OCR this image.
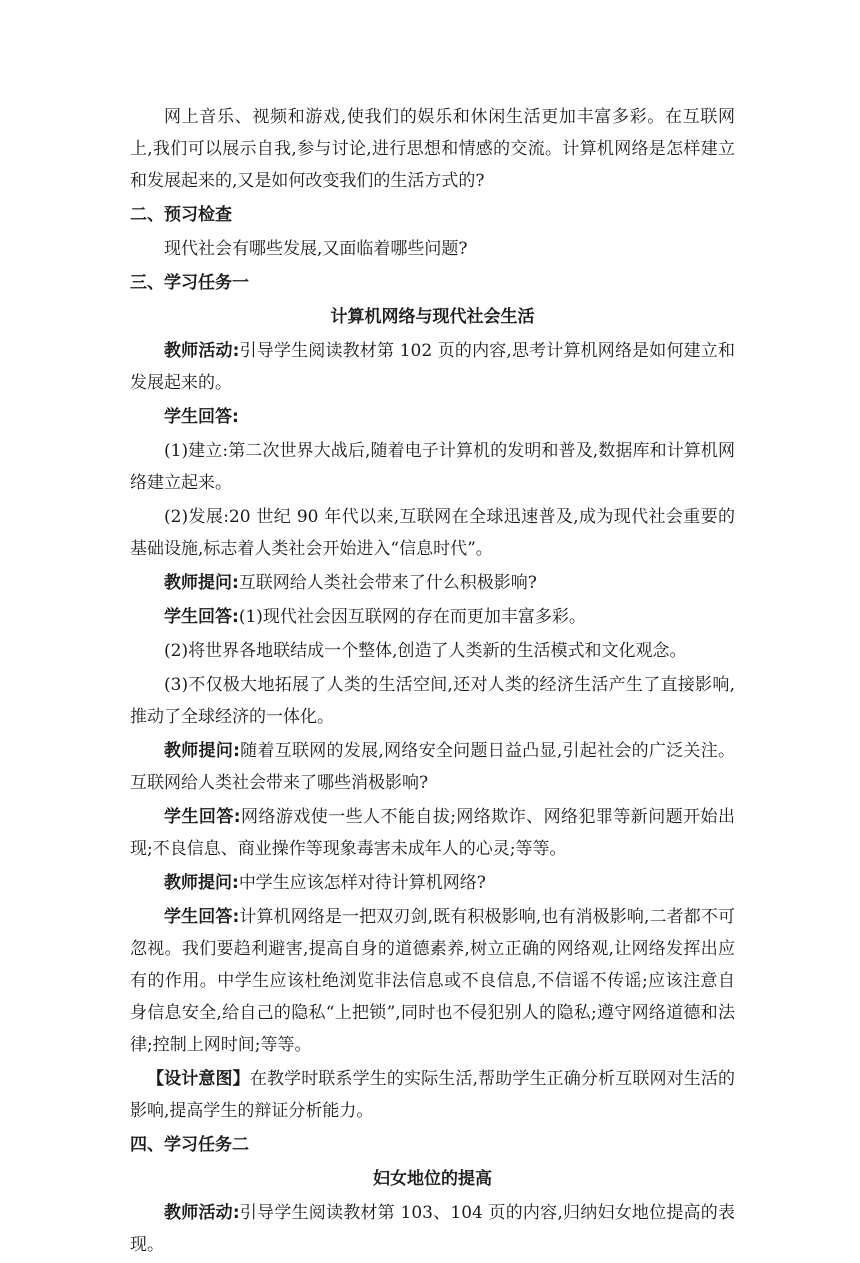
网上音乐、视频和游戏,使我们的娱乐和休闲生活更加丰富多彩。在互联网上,我们可以展示自我,参与讨论,进行思想和情感的交流。计算机网络是怎样建立和发展起来的,又是如何改变我们的生活方式的?

二、预习检查

现代社会有哪些发展,又面临着哪些问题?

三、学习任务一

计算机网络与现代社会生活

教师活动:引导学生阅读教材第 102 页的内容,思考计算机网络是如何建立和发展起来的。

学生回答:

(1)建立:第二次世界大战后,随着电子计算机的发明和普及,数据库和计算机网络建立起来。

(2)发展:20 世纪 90 年代以来,互联网在全球迅速普及,成为现代社会重要的基础设施,标志着人类社会开始进入“信息时代”。

教师提问:互联网给人类社会带来了什么积极影响?

学生回答:(1)现代社会因互联网的存在而更加丰富多彩。

(2)将世界各地联结成一个整体,创造了人类新的生活模式和文化观念。

(3)不仅极大地拓展了人类的生活空间,还对人类的经济生活产生了直接影响,推动了全球经济的一体化。

教师提问:随着互联网的发展,网络安全问题日益凸显,引起社会的广泛关注。互联网给人类社会带来了哪些消极影响?

学生回答:网络游戏使一些人不能自拔;网络欺诈、网络犯罪等新问题开始出现;不良信息、商业操作等现象毒害未成年人的心灵;等等。

教师提问:中学生应该怎样对待计算机网络?

学生回答:计算机网络是一把双刃剑,既有积极影响,也有消极影响,二者都不可忽视。我们要趋利避害,提高自身的道德素养,树立正确的网络观,让网络发挥出应有的作用。中学生应该杜绝浏览非法信息或不良信息,不信谣不传谣;应该注意自身信息安全,给自己的隐私“上把锁”,同时也不侵犯别人的隐私;遵守网络道德和法律;控制上网时间;等等。

【设计意图】在教学时联系学生的实际生活,帮助学生正确分析互联网对生活的影响,提高学生的辩证分析能力。

四、学习任务二

妇女地位的提高

教师活动:引导学生阅读教材第 103、104 页的内容,归纳妇女地位提高的表现。
